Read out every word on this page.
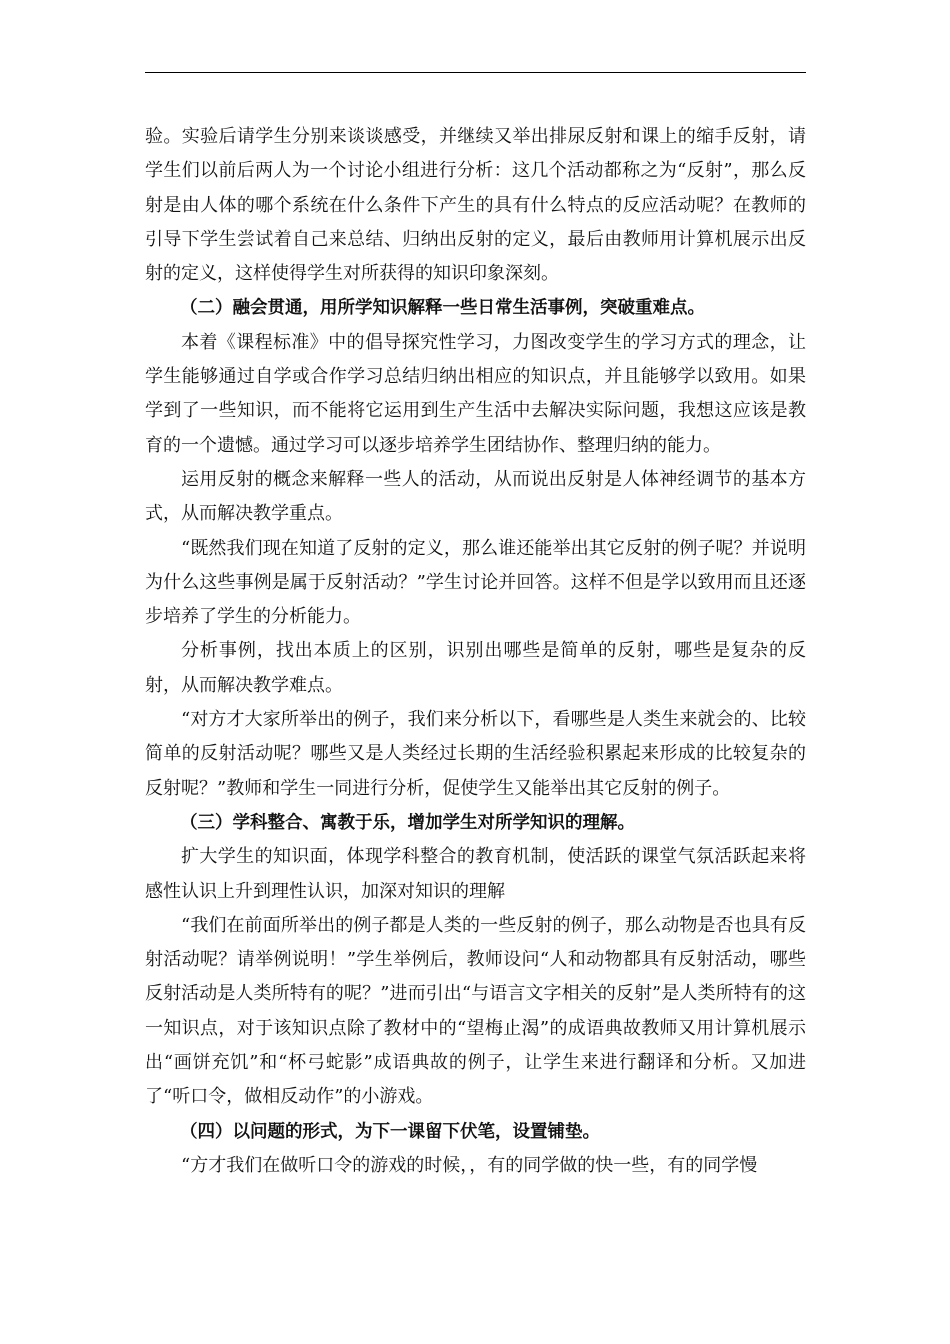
验。实验后请学生分别来谈谈感受，并继续又举出排尿反射和课上的缩手反射，请学生们以前后两人为一个讨论小组进行分析：这几个活动都称之为“反射”，那么反射是由人体的哪个系统在什么条件下产生的具有什么特点的反应活动呢？在教师的引导下学生尝试着自己来总结、归纳出反射的定义，最后由教师用计算机展示出反射的定义，这样使得学生对所获得的知识印象深刻。

（二）融会贯通，用所学知识解释一些日常生活事例，突破重难点。

本着《课程标准》中的倡导探究性学习，力图改变学生的学习方式的理念，让学生能够通过自学或合作学习总结归纳出相应的知识点，并且能够学以致用。如果学到了一些知识，而不能将它运用到生产生活中去解决实际问题，我想这应该是教育的一个遗憾。通过学习可以逐步培养学生团结协作、整理归纳的能力。

运用反射的概念来解释一些人的活动，从而说出反射是人体神经调节的基本方式，从而解决教学重点。

“既然我们现在知道了反射的定义，那么谁还能举出其它反射的例子呢？并说明为什么这些事例是属于反射活动？”学生讨论并回答。这样不但是学以致用而且还逐步培养了学生的分析能力。

分析事例，找出本质上的区别，识别出哪些是简单的反射，哪些是复杂的反射，从而解决教学难点。

“对方才大家所举出的例子，我们来分析以下，看哪些是人类生来就会的、比较简单的反射活动呢？哪些又是人类经过长期的生活经验积累起来形成的比较复杂的反射呢？”教师和学生一同进行分析，促使学生又能举出其它反射的例子。

（三）学科整合、寓教于乐，增加学生对所学知识的理解。

扩大学生的知识面，体现学科整合的教育机制，使活跃的课堂气氛活跃起来将感性认识上升到理性认识，加深对知识的理解

“我们在前面所举出的例子都是人类的一些反射的例子，那么动物是否也具有反射活动呢？请举例说明！”学生举例后，教师设问“人和动物都具有反射活动，哪些反射活动是人类所特有的呢？”进而引出“与语言文字相关的反射”是人类所特有的这一知识点，对于该知识点除了教材中的“望梅止渴”的成语典故教师又用计算机展示出“画饼充饥”和“杯弓蛇影”成语典故的例子，让学生来进行翻译和分析。又加进了“听口令，做相反动作”的小游戏。

（四）以问题的形式，为下一课留下伏笔，设置铺垫。

“方才我们在做听口令的游戏的时候，，有的同学做的快一些，有的同学慢
